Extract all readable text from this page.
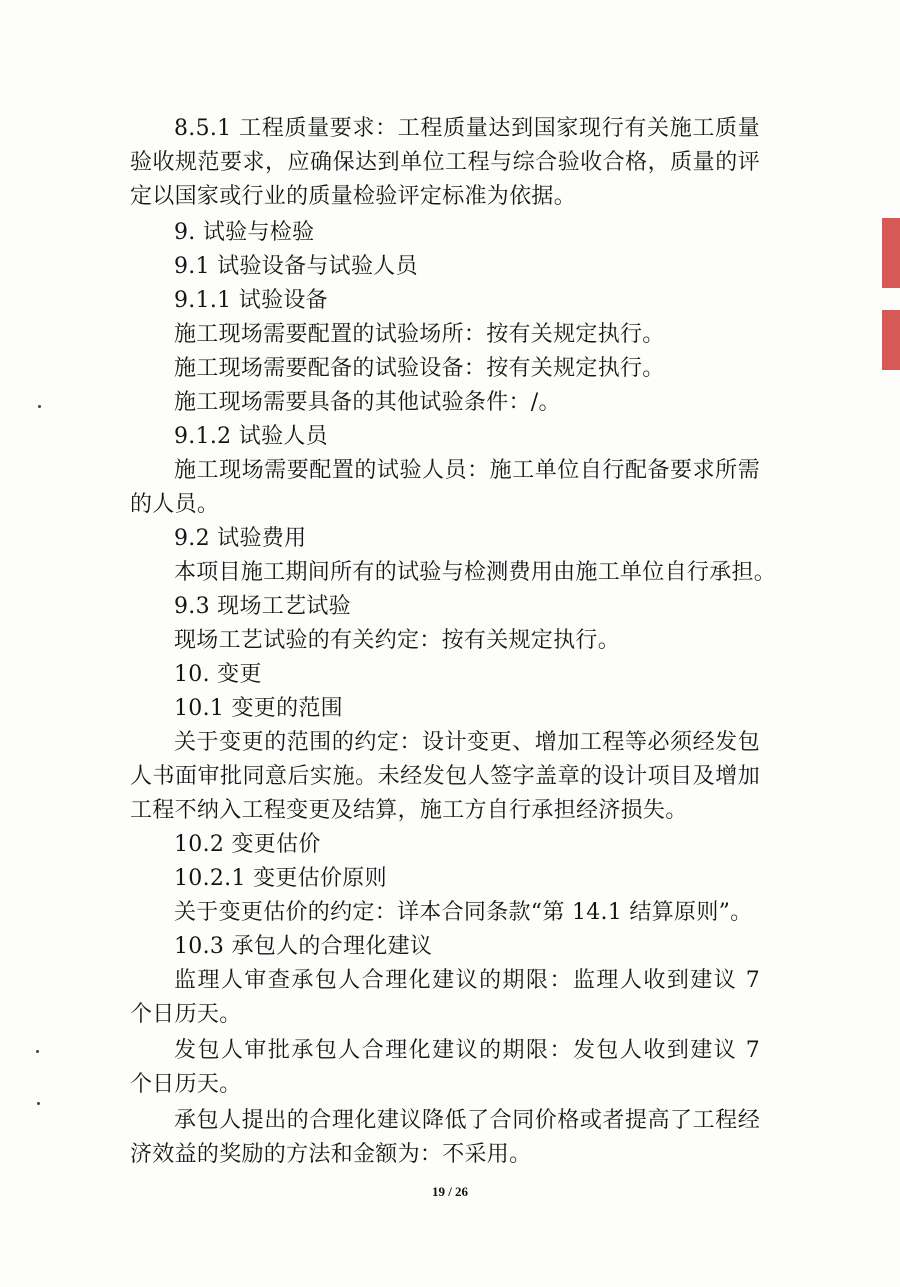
8.5.1 工程质量要求：工程质量达到国家现行有关施工质量验收规范要求，应确保达到单位工程与综合验收合格，质量的评定以国家或行业的质量检验评定标准为依据。
9. 试验与检验
9.1 试验设备与试验人员
9.1.1 试验设备
施工现场需要配置的试验场所：按有关规定执行。
施工现场需要配备的试验设备：按有关规定执行。
施工现场需要具备的其他试验条件：/。
9.1.2 试验人员
施工现场需要配置的试验人员：施工单位自行配备要求所需的人员。
9.2 试验费用
本项目施工期间所有的试验与检测费用由施工单位自行承担。
9.3 现场工艺试验
现场工艺试验的有关约定：按有关规定执行。
10. 变更
10.1 变更的范围
关于变更的范围的约定：设计变更、增加工程等必须经发包人书面审批同意后实施。未经发包人签字盖章的设计项目及增加工程不纳入工程变更及结算，施工方自行承担经济损失。
10.2 变更估价
10.2.1 变更估价原则
关于变更估价的约定：详本合同条款“第 14.1 结算原则”。
10.3 承包人的合理化建议
监理人审查承包人合理化建议的期限：监理人收到建议 7 个日历天。
发包人审批承包人合理化建议的期限：发包人收到建议 7 个日历天。
承包人提出的合理化建议降低了合同价格或者提高了工程经济效益的奖励的方法和金额为：不采用。
19 / 26
